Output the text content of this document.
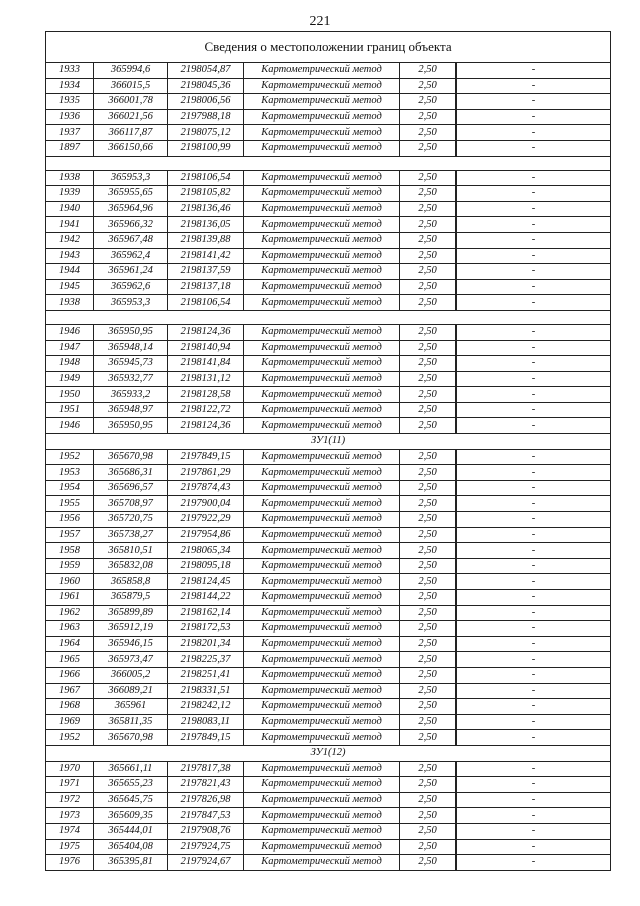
221
Сведения о местоположении границ объекта					
1933	365994,6	2198054,87	Картометрический метод	2,50		-
1934	366015,5	2198045,36	Картометрический метод	2,50		-
1935	366001,78	2198006,56	Картометрический метод	2,50		-
1936	366021,56	2197988,18	Картометрический метод	2,50		-
1937	366117,87	2198075,12	Картометрический метод	2,50		-
1897	366150,66	2198100,99	Картометрический метод	2,50		-

1938	365953,3	2198106,54	Картометрический метод	2,50		-
1939	365955,65	2198105,82	Картометрический метод	2,50		-
1940	365964,96	2198136,46	Картометрический метод	2,50		-
1941	365966,32	2198136,05	Картометрический метод	2,50		-
1942	365967,48	2198139,88	Картометрический метод	2,50		-
1943	365962,4	2198141,42	Картометрический метод	2,50		-
1944	365961,24	2198137,59	Картометрический метод	2,50		-
1945	365962,6	2198137,18	Картометрический метод	2,50		-
1938	365953,3	2198106,54	Картометрический метод	2,50		-

1946	365950,95	2198124,36	Картометрический метод	2,50		-
1947	365948,14	2198140,94	Картометрический метод	2,50		-
1948	365945,73	2198141,84	Картометрический метод	2,50		-
1949	365932,77	2198131,12	Картометрический метод	2,50		-
1950	365933,2	2198128,58	Картометрический метод	2,50		-
1951	365948,97	2198122,72	Картометрический метод	2,50		-
1946	365950,95	2198124,36	Картометрический метод	2,50		-
ЗУ1(11)					
1952	365670,98	2197849,15	Картометрический метод	2,50		-
1953	365686,31	2197861,29	Картометрический метод	2,50		-
1954	365696,57	2197874,43	Картометрический метод	2,50		-
1955	365708,97	2197900,04	Картометрический метод	2,50		-
1956	365720,75	2197922,29	Картометрический метод	2,50		-
1957	365738,27	2197954,86	Картометрический метод	2,50		-
1958	365810,51	2198065,34	Картометрический метод	2,50		-
1959	365832,08	2198095,18	Картометрический метод	2,50		-
1960	365858,8	2198124,45	Картометрический метод	2,50		-
1961	365879,5	2198144,22	Картометрический метод	2,50		-
1962	365899,89	2198162,14	Картометрический метод	2,50		-
1963	365912,19	2198172,53	Картометрический метод	2,50		-
1964	365946,15	2198201,34	Картометрический метод	2,50		-
1965	365973,47	2198225,37	Картометрический метод	2,50		-
1966	366005,2	2198251,41	Картометрический метод	2,50		-
1967	366089,21	2198331,51	Картометрический метод	2,50		-
1968	365961	2198242,12	Картометрический метод	2,50		-
1969	365811,35	2198083,11	Картометрический метод	2,50		-
1952	365670,98	2197849,15	Картометрический метод	2,50		-
ЗУ1(12)					
1970	365661,11	2197817,38	Картометрический метод	2,50		-
1971	365655,23	2197821,43	Картометрический метод	2,50		-
1972	365645,75	2197826,98	Картометрический метод	2,50		-
1973	365609,35	2197847,53	Картометрический метод	2,50		-
1974	365444,01	2197908,76	Картометрический метод	2,50		-
1975	365404,08	2197924,75	Картометрический метод	2,50		-
1976	365395,81	2197924,67	Картометрический метод	2,50		-
